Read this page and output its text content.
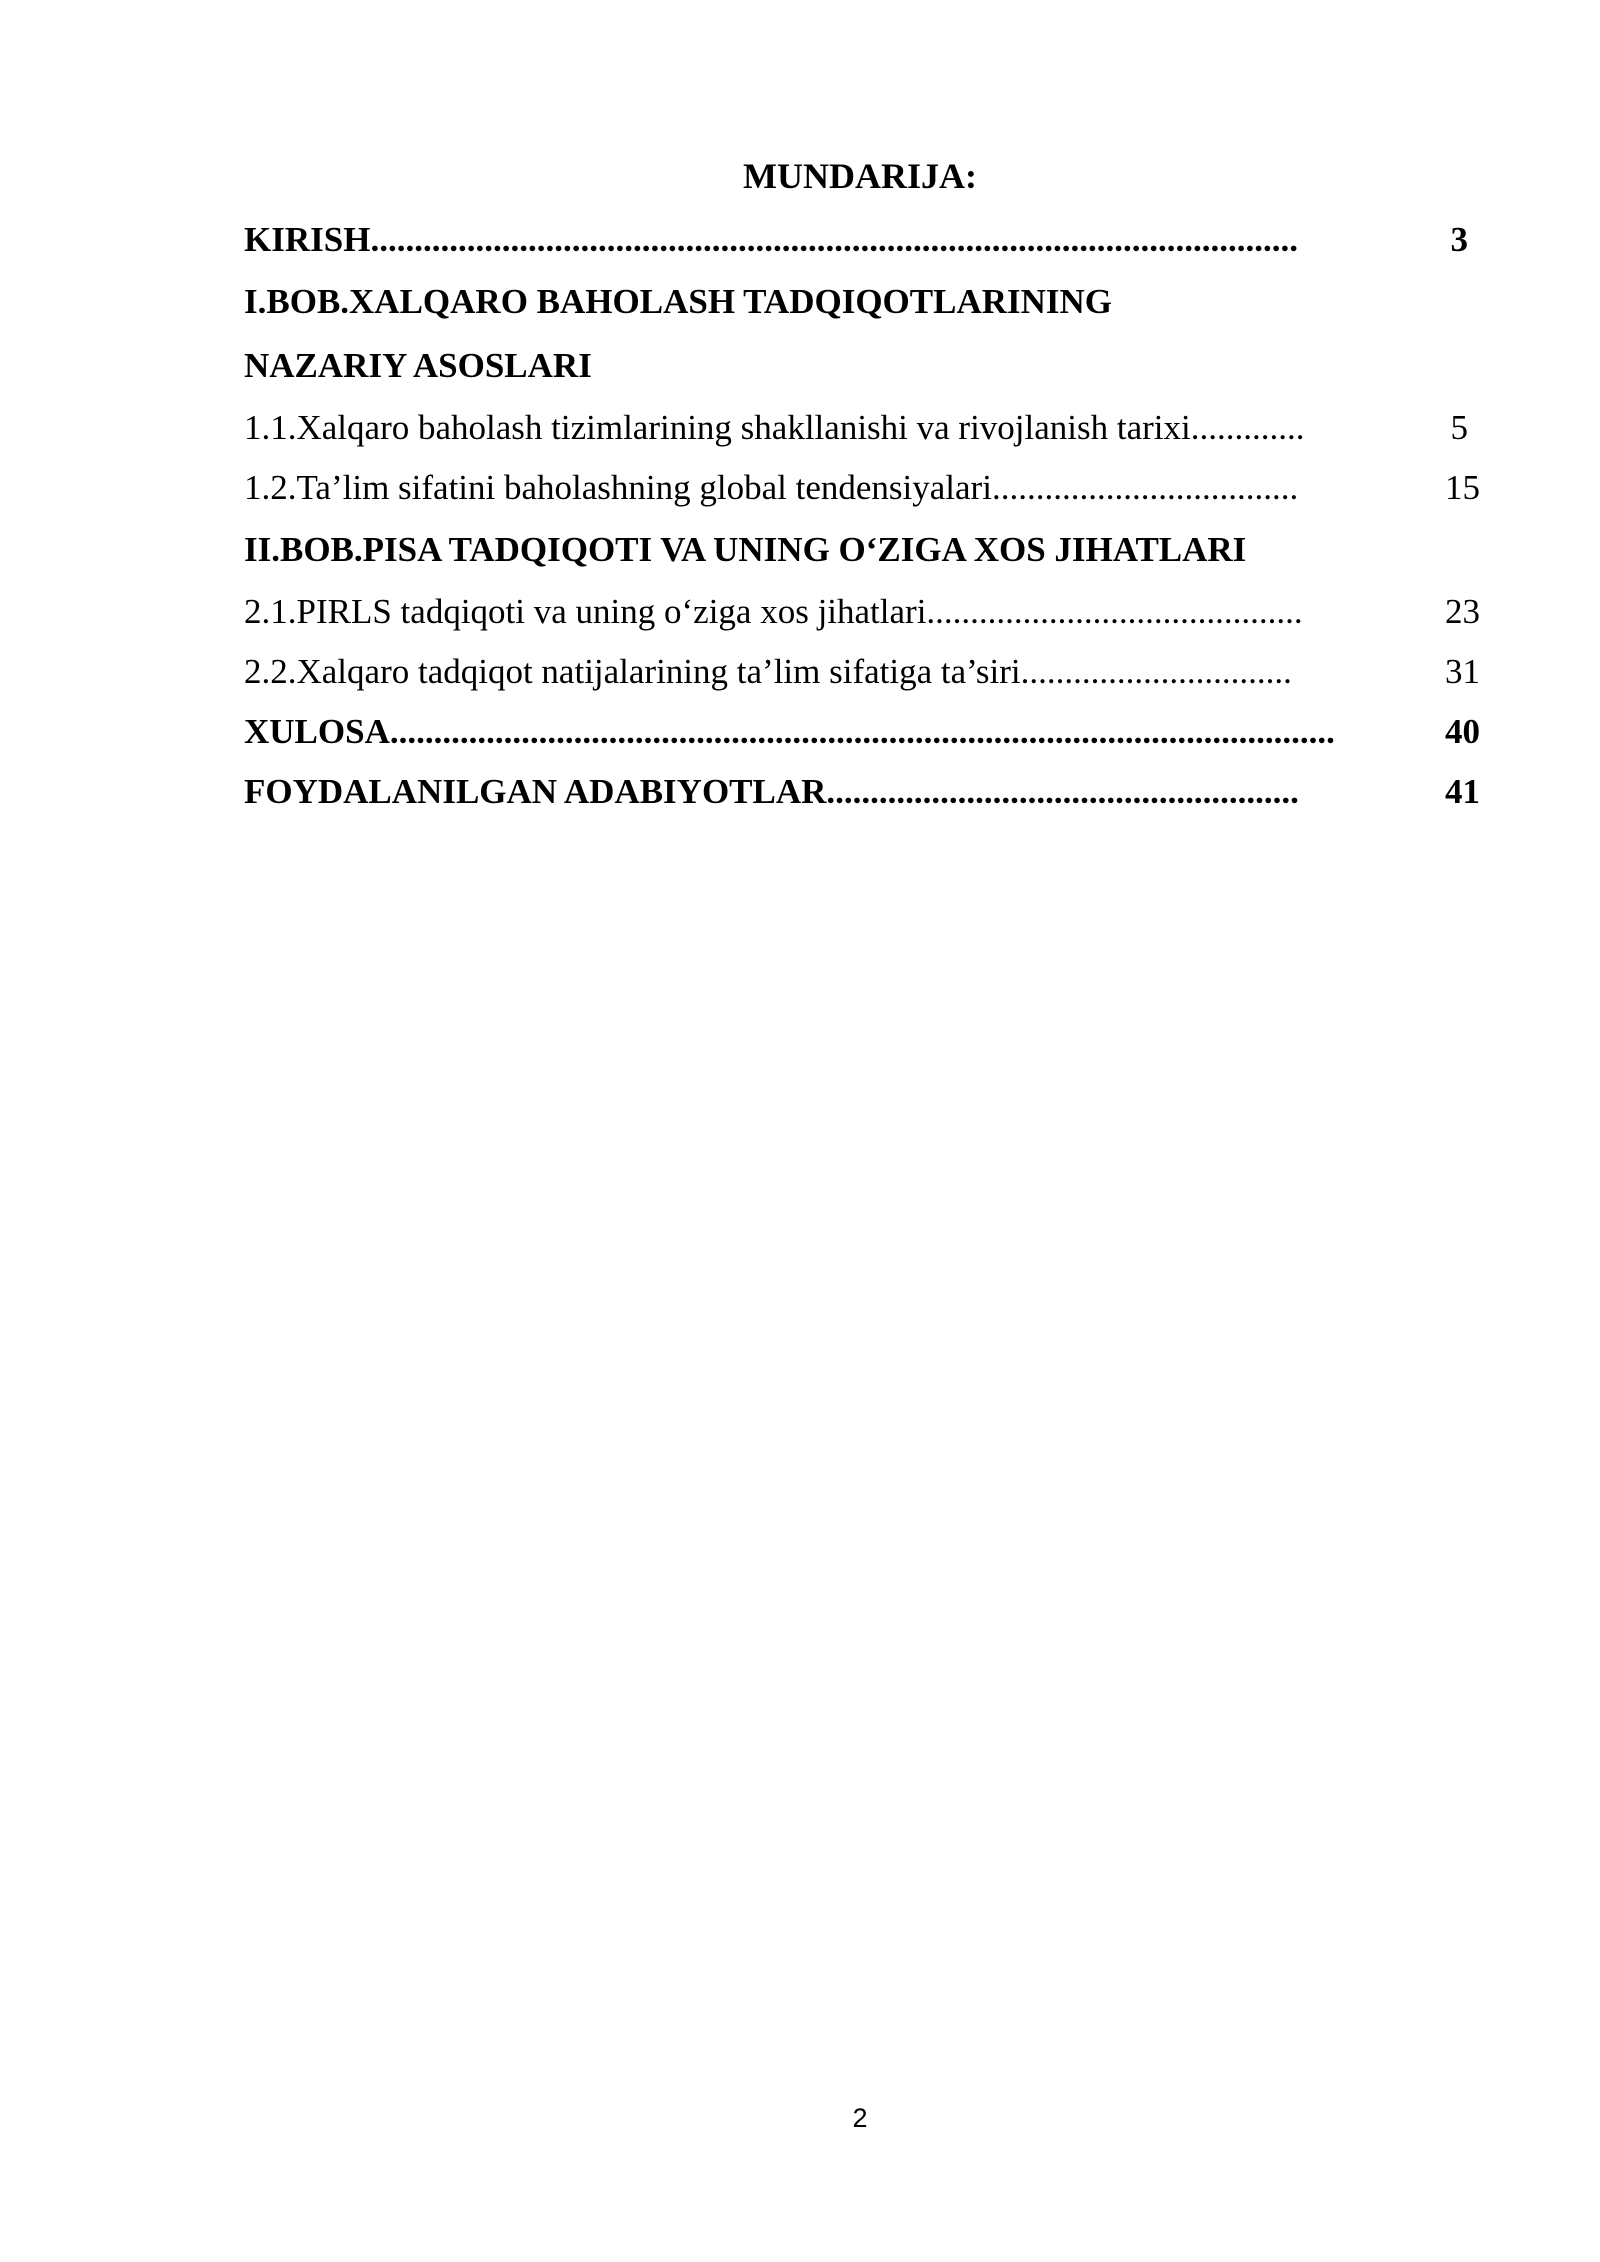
MUNDARIJA:
KIRISH..........................................................................................................	3
I.BOB.XALQARO BAHOLASH TADQIQOTLARINING
NAZARIY ASOSLARI
1.1.Xalqaro baholash tizimlarining shakllanishi va rivojlanish tarixi.............	5
1.2.Ta’lim sifatini baholashning global tendensiyalari...................................	15
II.BOB.PISA TADQIQOTI VA UNING O‘ZIGA XOS JIHATLARI
2.1.PIRLS tadqiqoti va uning o‘ziga xos jihatlari...........................................	23
2.2.Xalqaro tadqiqot natijalarining ta’lim sifatiga ta’siri...............................	31
XULOSA............................................................................................................	40
FOYDALANILGAN ADABIYOTLAR......................................................	41
2
